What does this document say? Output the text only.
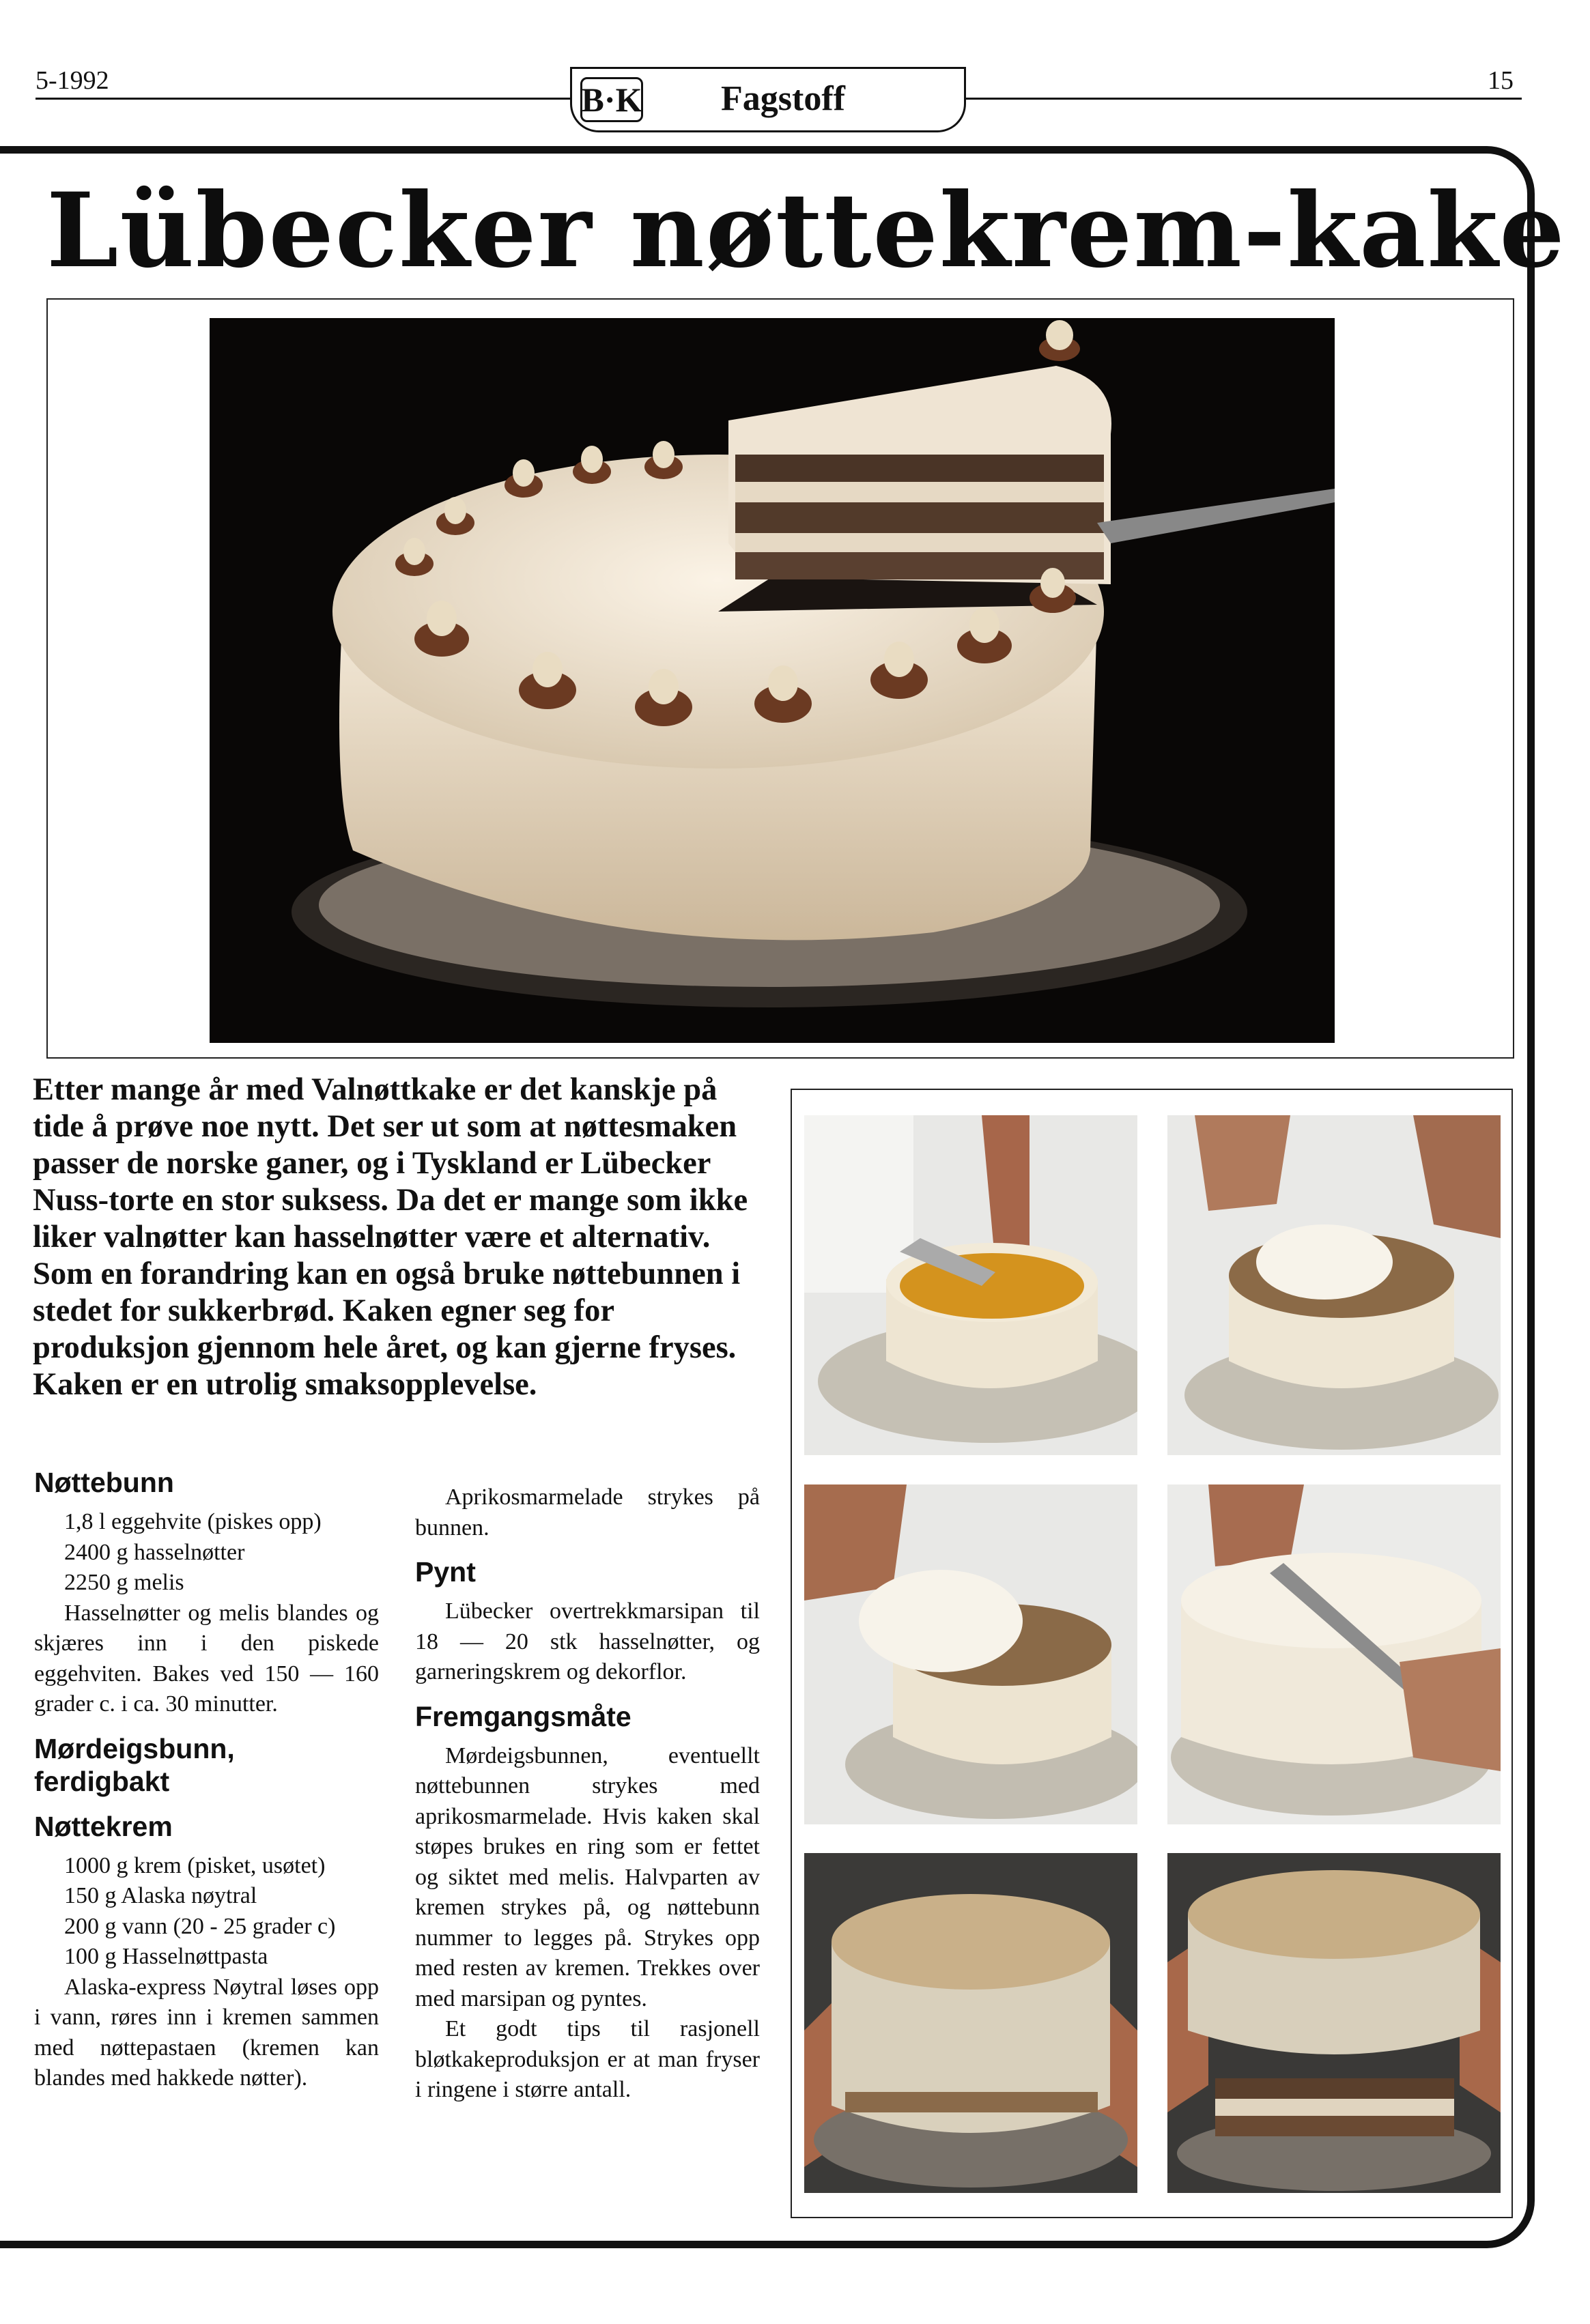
5-1992	15
B·K Fagstoff
Lübecker nøttekrem-kake
Etter mange år med Valnøttkake er det kanskje på tide å prøve noe nytt. Det ser ut som at nøttesmaken passer de norske ganer, og i Tyskland er Lübecker Nuss-torte en stor suksess. Da det er mange som ikke liker valnøtter kan hasselnøtter være et alternativ. Som en forandring kan en også bruke nøttebunnen i stedet for sukkerbrød. Kaken egner seg for produksjon gjennom hele året, og kan gjerne fryses. Kaken er en utrolig smaksopplevelse.
Nøttebunn

1,8 l eggehvite (piskes opp)

2400 g hasselnøtter

2250 g melis

Hasselnøtter og melis blandes og skjæres inn i den piskede eggehviten. Bakes ved 150 — 160 grader c. i ca. 30 minutter.

Mørdeigsbunn, ferdigbakt
Nøttekrem

1000 g krem (pisket, usøtet)

150 g Alaska nøytral

200 g vann (20 - 25 grader c)

100 g Hasselnøttpasta

Alaska-express Nøytral løses opp i vann, røres inn i kremen sammen med nøttepastaen (kremen kan blandes med hakkede nøtter).

Aprikosmarmelade strykes på bunnen.

Pynt

Lübecker overtrekkmarsipan til 18 — 20 stk hasselnøtter, og garneringskrem og dekorflor.

Fremgangsmåte

Mørdeigsbunnen, eventuellt nøttebunnen strykes med aprikosmarmelade. Hvis kaken skal støpes brukes en ring som er fettet og siktet med melis. Halvparten av kremen strykes på, og nøttebunn nummer to legges på. Strykes opp med resten av kremen. Trekkes over med marsipan og pyntes.

Et godt tips til rasjonell bløtkakeproduksjon er at man fryser i ringene i større antall.
